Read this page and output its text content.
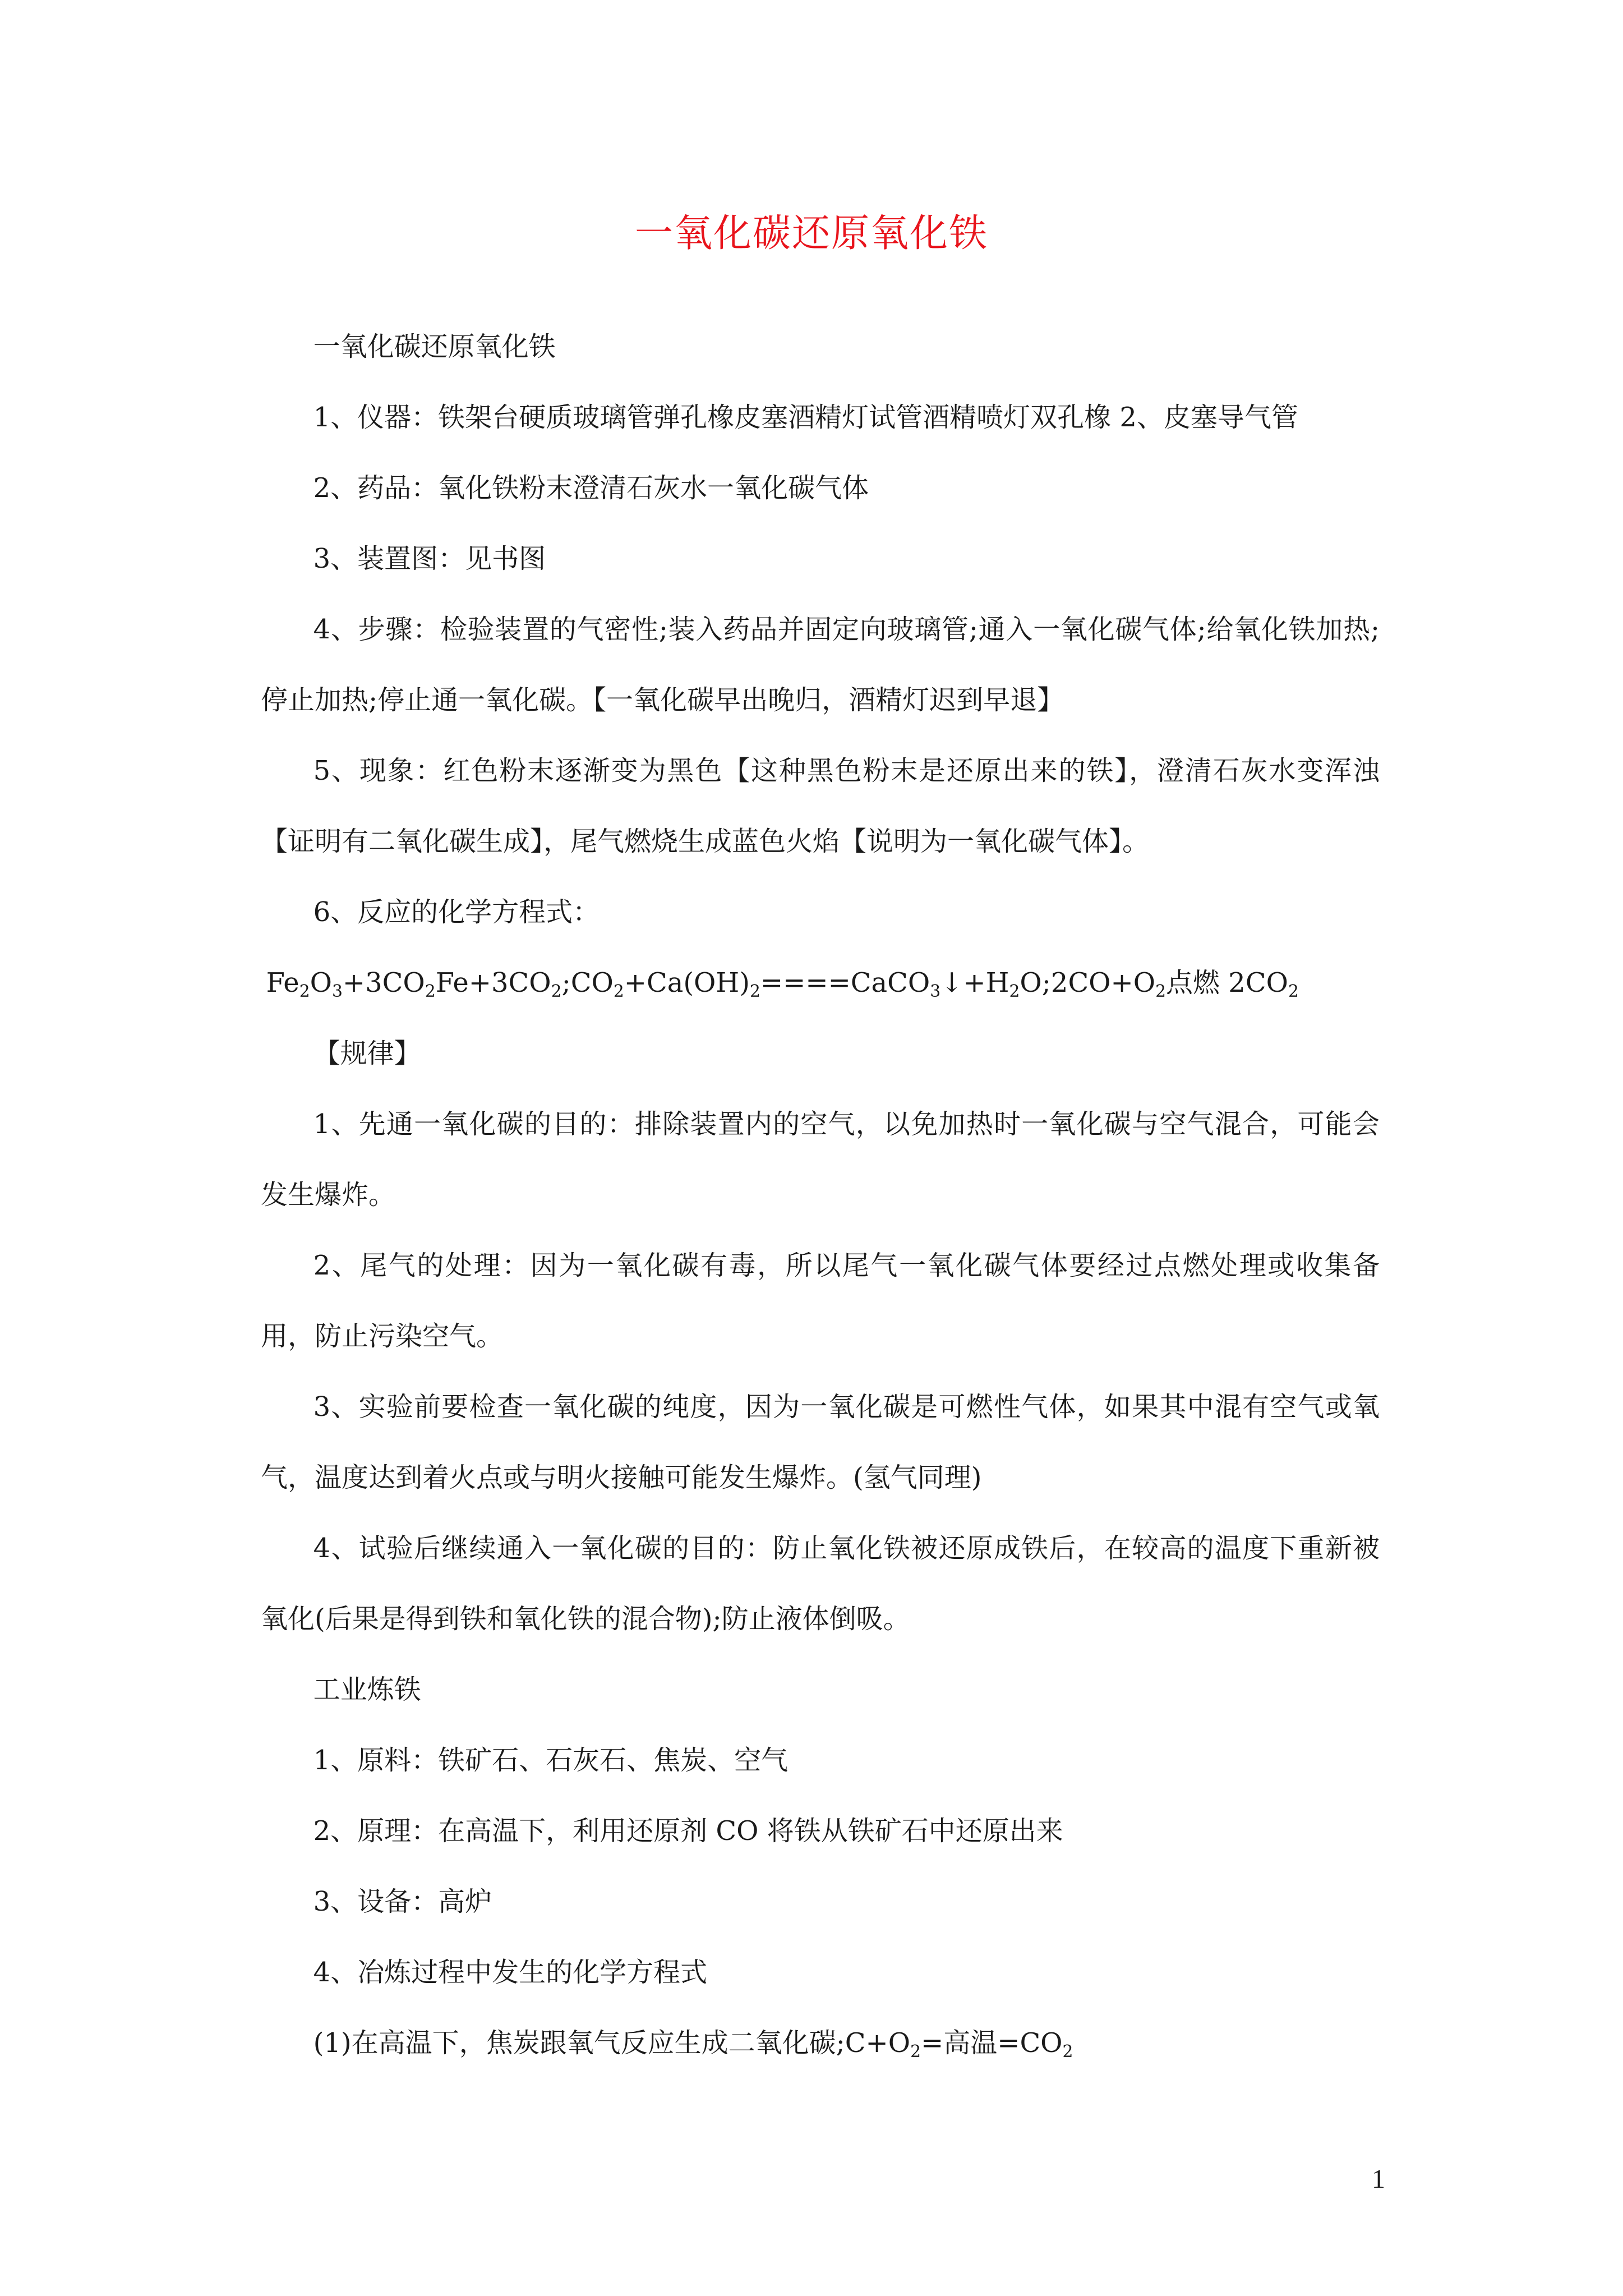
一氧化碳还原氧化铁

一氧化碳还原氧化铁

1、仪器：铁架台硬质玻璃管弹孔橡皮塞酒精灯试管酒精喷灯双孔橡 2、皮塞导气管

2、药品：氧化铁粉末澄清石灰水一氧化碳气体

3、装置图：见书图

4、步骤：检验装置的气密性;装入药品并固定向玻璃管;通入一氧化碳气体;给氧化铁加热;停止加热;停止通一氧化碳。【一氧化碳早出晚归，酒精灯迟到早退】

5、现象：红色粉末逐渐变为黑色【这种黑色粉末是还原出来的铁】，澄清石灰水变浑浊【证明有二氧化碳生成】，尾气燃烧生成蓝色火焰【说明为一氧化碳气体】。

6、反应的化学方程式：

$Fe_2O_3+3CO_2Fe+3CO_2;CO_2+Ca(OH)_2====CaCO_3↓+H_2O;2CO+O_2$点燃 $2CO_2$

【规律】

1、先通一氧化碳的目的：排除装置内的空气，以免加热时一氧化碳与空气混合，可能会发生爆炸。

2、尾气的处理：因为一氧化碳有毒，所以尾气一氧化碳气体要经过点燃处理或收集备用，防止污染空气。

3、实验前要检查一氧化碳的纯度，因为一氧化碳是可燃性气体，如果其中混有空气或氧气，温度达到着火点或与明火接触可能发生爆炸。(氢气同理)

4、试验后继续通入一氧化碳的目的：防止氧化铁被还原成铁后，在较高的温度下重新被氧化(后果是得到铁和氧化铁的混合物);防止液体倒吸。

工业炼铁

1、原料：铁矿石、石灰石、焦炭、空气

2、原理：在高温下，利用还原剂 CO 将铁从铁矿石中还原出来

3、设备：高炉

4、冶炼过程中发生的化学方程式

(1)在高温下，焦炭跟氧气反应生成二氧化碳$;C+O_2=$高温$=CO_2$

1
